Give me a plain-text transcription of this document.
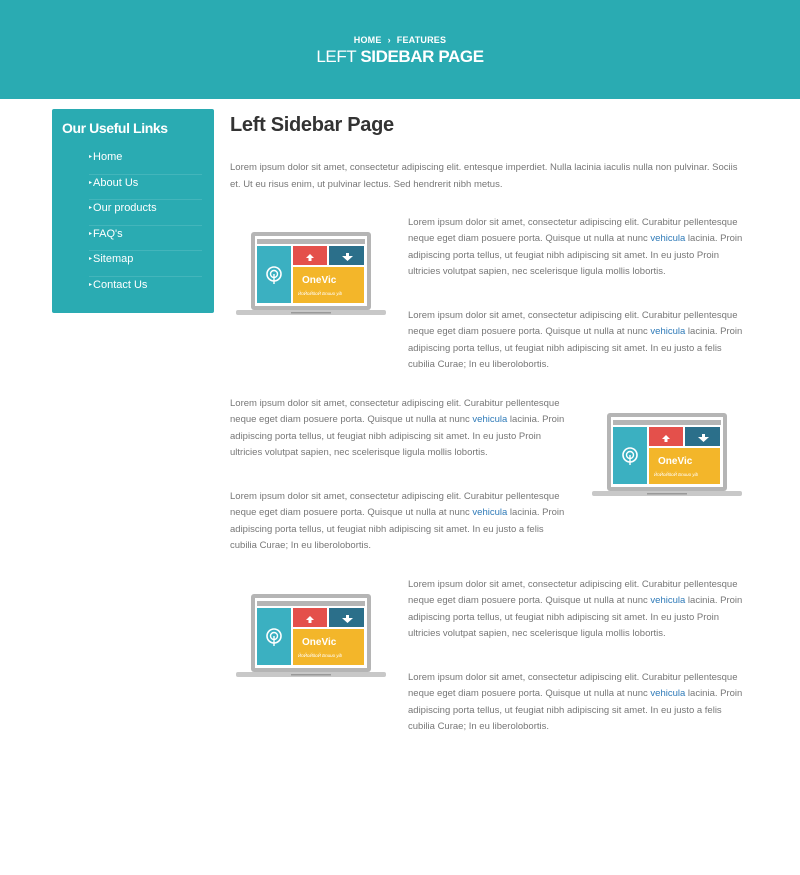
HOME › FEATURES
LEFT SIDEBAR PAGE
Our Useful Links
▸Home
▸About Us
▸Our products
▸FAQ's
▸Sitemap
▸Contact Us
Left Sidebar Page

Lorem ipsum dolor sit amet, consectetur adipiscing elit. entesque imperdiet. Nulla lacinia iaculis nulla non pulvinar. Sociis et. Ut eu risus enim, ut pulvinar lectus. Sed hendrerit nibh metus.

OneVic
ЙоЙoЙйoЙ Бnuuo yib

Lorem ipsum dolor sit amet, consectetur adipiscing elit. Curabitur pellentesque neque eget diam posuere porta. Quisque ut nulla at nunc vehicula lacinia. Proin adipiscing porta tellus, ut feugiat nibh adipiscing sit amet. In eu justo Proin ultricies volutpat sapien, nec scelerisque ligula mollis lobortis.

Lorem ipsum dolor sit amet, consectetur adipiscing elit. Curabitur pellentesque neque eget diam posuere porta. Quisque ut nulla at nunc vehicula lacinia. Proin adipiscing porta tellus, ut feugiat nibh adipiscing sit amet. In eu justo a felis cubilia Curae; In eu liberolobortis.

Lorem ipsum dolor sit amet, consectetur adipiscing elit. Curabitur pellentesque neque eget diam posuere porta. Quisque ut nulla at nunc vehicula lacinia. Proin adipiscing porta tellus, ut feugiat nibh adipiscing sit amet. In eu justo Proin ultricies volutpat sapien, nec scelerisque ligula mollis lobortis.

Lorem ipsum dolor sit amet, consectetur adipiscing elit. Curabitur pellentesque neque eget diam posuere porta. Quisque ut nulla at nunc vehicula lacinia. Proin adipiscing porta tellus, ut feugiat nibh adipiscing sit amet. In eu justo a felis cubilia Curae; In eu liberolobortis.

OneVic
ЙоЙoЙйoЙ Бnuuo yib
OneVic
ЙоЙoЙйoЙ Бnuuo yib

Lorem ipsum dolor sit amet, consectetur adipiscing elit. Curabitur pellentesque neque eget diam posuere porta. Quisque ut nulla at nunc vehicula lacinia. Proin adipiscing porta tellus, ut feugiat nibh adipiscing sit amet. In eu justo Proin ultricies volutpat sapien, nec scelerisque ligula mollis lobortis.

Lorem ipsum dolor sit amet, consectetur adipiscing elit. Curabitur pellentesque neque eget diam posuere porta. Quisque ut nulla at nunc vehicula lacinia. Proin adipiscing porta tellus, ut feugiat nibh adipiscing sit amet. In eu justo a felis cubilia Curae; In eu liberolobortis.
